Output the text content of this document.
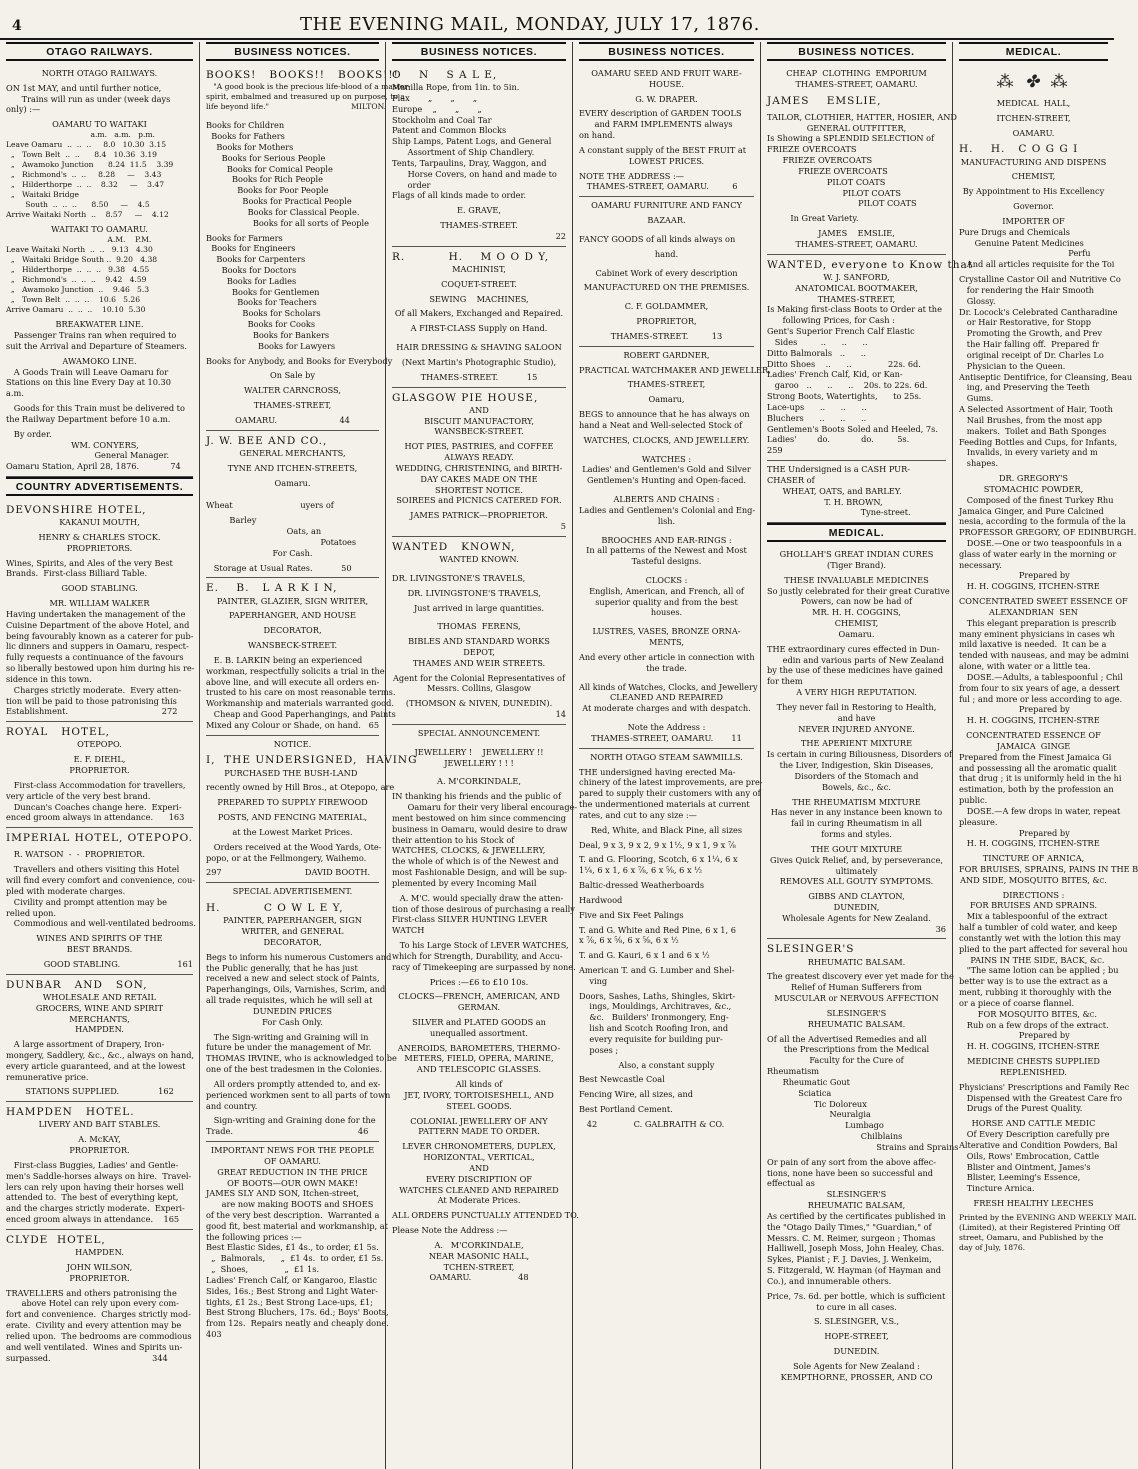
4	THE EVENING MAIL, MONDAY, JULY 17, 1876.
OTAGO RAILWAYS.
NORTH OTAGO RAILWAYS.

ON 1st MAY, and until further notice,
Trains will run as under (week days
only) :—

OAMARU TO WAITAKI
a.m.   a.m.   p.m.
Leave Oamaru  ..  ..  ..     8.0   10.30  3.15
„   Town Belt  ..  ..      8.4   10.36  3.19
„   Awamoko Junction      8.24  11.5    3.39
„   Richmond's  ..  ..     8.28     —    3.43
„   Hilderthorpe  ..  ..    8.32     —    3.47
„   Waitaki Bridge
South  ..  ..  ..      8.50     —    4.5
Arrive Waitaki North  ..    8.57     —    4.12

WAITAKI TO OAMARU.
A.M.    P.M.
Leave Waitaki North  ..  ..   9.13   4.30
„   Waitaki Bridge South ..  9.20   4.38
„   Hilderthorpe  ..  ..  ..   9.38   4.55
„   Richmond's  ..  ..  ..    9.42   4.59
„   Awamoko Junction  ..    9.46   5.3
„   Town Belt  ..  ..  ..    10.6   5.26
Arrive Oamaru  ..  ..  ..    10.10  5.30

BREAKWATER LINE.
Passenger Trains ran when required to
suit the Arrival and Departure of Steamers.

AWAMOKO LINE.
A Goods Train will Leave Oamaru for
Stations on this line Every Day at 10.30
a.m.

Goods for this Train must be delivered to
the Railway Department before 10 a.m.

By order.
WM. CONYERS,
General Manager.
Oamaru Station, April 28, 1876.            74
COUNTRY ADVERTISEMENTS.
DEVONSHIRE HOTEL,
KAKANUI MOUTH,

HENRY & CHARLES STOCK.
PROPRIETORS.

Wines, Spirits, and Ales of the very Best
Brands.  First-class Billiard Table.

GOOD STABLING.

MR. WILLIAM WALKER
Having undertaken the management of the
Cuisine Department of the above Hotel, and
being favourably known as a caterer for pub-
lic dinners and suppers in Oamaru, respect-
fully requests a continuance of the favours
so liberally bestowed upon him during his re-
sidence in this town.
Charges strictly moderate.  Every atten-
tion will be paid to those patronising this
Establishment.                                    272
ROYAL   HOTEL,
OTEPOPO.

E. F. DIEHL,
PROPRIETOR.

First-class Accommodation for travellers,
very article of the very best brand.
Duncan's Coaches change here.  Experi-
enced groom always in attendance.      163
IMPERIAL HOTEL, OTEPOPO.

R. WATSON  -  -  PROPRIETOR.

Travellers and others visiting this Hotel
will find every comfort and convenience, cou-
pled with moderate charges.
Civility and prompt attention may be
relied upon.
Commodious and well-ventilated bedrooms.

WINES AND SPIRITS OF THE
BEST BRANDS.

GOOD STABLING.                      161
DUNBAR   AND   SON,
WHOLESALE AND RETAIL
GROCERS, WINE AND SPIRIT
MERCHANTS,
HAMPDEN.

A large assortment of Drapery, Iron-
mongery, Saddlery, &c., &c., always on hand,
every article guaranteed, and at the lowest
remunerative price.

STATIONS SUPPLIED.               162
HAMPDEN   HOTEL.
LIVERY AND BAIT STABLES.

A. McKAY,
PROPRIETOR.

First-class Buggies, Ladies' and Gentle-
men's Saddle-horses always on hire.  Travel-
lers can rely upon having their horses well
attended to.  The best of everything kept,
and the charges strictly moderate.  Experi-
enced groom always in attendance.    165
CLYDE  HOTEL,
HAMPDEN.

JOHN WILSON,
PROPRIETOR.

TRAVELLERS and others patronising the
above Hotel can rely upon every com-
fort and convenience.  Charges strictly mod-
erate.  Civility and every attention may be
relied upon.  The bedrooms are commodious
and well ventilated.  Wines and Spirits un-
surpassed.                                       344
BUSINESS NOTICES.
BOOKS!   BOOKS!!   BOOKS!!!
"A good book is the precious life-blood of a master-
spirit, embalmed and treasured up on purpose, to a
life beyond life."                                  MILTON.

Books for Children
Books for Fathers
Books for Mothers
Books for Serious People
Books for Comical People
Books for Rich People
Books for Poor People
Books for Practical People
Books for Classical People.
Books for all sorts of People

Books for Farmers
Books for Engineers
Books for Carpenters
Books for Doctors
Books for Ladies
Books for Gentlemen
Books for Teachers
Books for Scholars
Books for Cooks
Books for Bankers
Books for Lawyers

Books for Anybody, and Books for Everybody

On Sale by

WALTER CARNCROSS,

THAMES-STREET,

OAMARU.                        44
J. W. BEE AND CO.,
GENERAL MERCHANTS,

TYNE AND ITCHEN-STREETS,

Oamaru.

Wheat                          uyers of

Barley
Oats, an
Potatoes
For Cash.

Storage at Usual Rates.           50
E.    B.   L A R K I N,
PAINTER, GLAZIER, SIGN WRITER,

PAPERHANGER, AND HOUSE

DECORATOR,

WANSBECK-STREET.

E. B. LARKIN being an experienced
workman, respectfully solicits a trial in the
above line, and will execute all orders en-
trusted to his care on most reasonable terms.
Workmanship and materials warranted good.
Cheap and Good Paperhangings, and Paints
Mixed any Colour or Shade, on hand.   65
NOTICE.

I,  THE UNDERSIGNED,  HAVING
PURCHASED THE BUSH-LAND

recently owned by Hill Bros., at Otepopo, are

PREPARED TO SUPPLY FIREWOOD

POSTS, AND FENCING MATERIAL,

at the Lowest Market Prices.

Orders received at the Wood Yards, Ote-
popo, or at the Fellmongery, Waihemo.

297                                DAVID BOOTH.
SPECIAL ADVERTISEMENT.

H.          C O W L E Y,
PAINTER, PAPERHANGER, SIGN
WRITER, and GENERAL
DECORATOR,

Begs to inform his numerous Customers and
the Public generally, that he has just
received a new and select stock of Paints,
Paperhangings, Oils, Varnishes, Scrim, and
all trade requisites, which he will sell at
DUNEDIN PRICES
For Cash Only.

The Sign-writing and Graining will in
future be under the management of Mr.
THOMAS IRVINE, who is acknowledged to be
one of the best tradesmen in the Colonies.

All orders promptly attended to, and ex-
perienced workmen sent to all parts of town
and country.

Sign-writing and Graining done for the
Trade.                                                46
IMPORTANT NEWS FOR THE PEOPLE
OF OAMARU.
GREAT REDUCTION IN THE PRICE
OF BOOTS—OUR OWN MAKE!
JAMES SLY AND SON, Itchen-street,
are now making BOOTS and SHOES
of the very best description.  Warranted a
good fit, best material and workmanship, at
the following prices :—
Best Elastic Sides, £1 4s., to order, £1 5s.
„  Balmorals,      „  £1 4s.  to order, £1 5s.
„  Shoes,              „  £1 1s.
Ladies' French Calf, or Kangaroo, Elastic
Sides, 16s.; Best Strong and Light Water-
tights, £1 2s.; Best Strong Lace-ups, £1;
Best Strong Bluchers, 17s. 6d.; Boys' Boots,
from 12s.  Repairs neatly and cheaply done.
403
BUSINESS NOTICES.
O    N    S A L E,
Manilla Rope, from 1in. to 5in.
Flax       „       „       „
Europe    „       „       „
Stockholm and Coal Tar
Patent and Common Blocks
Ship Lamps, Patent Logs, and General
Assortment of Ship Chandlery.
Tents, Tarpaulins, Dray, Waggon, and
Horse Covers, on hand and made to
order
Flags of all kinds made to order.

E. GRAVE,

THAMES-STREET.
22
R.          H.    M O O D Y,
MACHINIST,

COQUET-STREET.

SEWING    MACHINES,

Of all Makers, Exchanged and Repaired.

A FIRST-CLASS Supply on Hand.

HAIR DRESSING & SHAVING SALOON

(Next Martin's Photographic Studio),

THAMES-STREET.           15
GLASGOW PIE HOUSE,
AND
BISCUIT MANUFACTORY,
WANSBECK-STREET.

HOT PIES, PASTRIES, and COFFEE
ALWAYS READY.
WEDDING, CHRISTENING, and BIRTH-
DAY CAKES MADE ON THE
SHORTEST NOTICE.
SOIREES and PICNICS CATERED FOR.

JAMES PATRICK—PROPRIETOR.
5
WANTED   KNOWN,
WANTED KNOWN.

DR. LIVINGSTONE'S TRAVELS,

DR. LIVINGSTONE'S TRAVELS,

Just arrived in large quantities.

THOMAS  FERENS,

BIBLES AND STANDARD WORKS
DEPOT,
THAMES AND WEIR STREETS.

Agent for the Colonial Representatives of
Messrs. Collins, Glasgow

(THOMSON & NIVEN, DUNEDIN).
14
SPECIAL ANNOUNCEMENT.

JEWELLERY !    JEWELLERY !!
JEWELLERY ! ! !

A. M'CORKINDALE,

IN thanking his friends and the public of
Oamaru for their very liberal encourage-
ment bestowed on him since commencing
business in Oamaru, would desire to draw
their attention to his Stock of
WATCHES, CLOCKS, & JEWELLERY,
the whole of which is of the Newest and
most Fashionable Design, and will be sup-
plemented by every Incoming Mail

A. M'C. would specially draw the atten-
tion of those desirous of purchasing a really
First-class SILVER HUNTING LEVER
WATCH

To his Large Stock of LEVER WATCHES,
which for Strength, Durability, and Accu-
racy of Timekeeping are surpassed by none.

Prices :—£6 to £10 10s.

CLOCKS—FRENCH, AMERICAN, AND
GERMAN.

SILVER and PLATED GOODS an
unequalled assortment.

ANEROIDS, BAROMETERS, THERMO-
METERS, FIELD, OPERA, MARINE,
AND TELESCOPIC GLASSES.

All kinds of
JET, IVORY, TORTOISESHELL, AND
STEEL GOODS.

COLONIAL JEWELLERY OF ANY
PATTERN MADE TO ORDER.

LEVER CHRONOMETERS, DUPLEX,
HORIZONTAL, VERTICAL,
AND
EVERY DISCRIPTION OF
WATCHES CLEANED AND REPAIRED
At Moderate Prices.

ALL ORDERS PUNCTUALLY ATTENDED TO.

Please Note the Address :—

A.   M'CORKINDALE,
NEAR MASONIC HALL,
TCHEN-STREET,
OAMARU.                  48
BUSINESS NOTICES.
OAMARU SEED AND FRUIT WARE-
HOUSE.

G. W. DRAPER.

EVERY description of GARDEN TOOLS
and FARM IMPLEMENTS always
on hand.

A constant supply of the BEST FRUIT at
LOWEST PRICES.

NOTE THE ADDRESS :—
THAMES-STREET, OAMARU.         6
OAMARU FURNITURE AND FANCY

BAZAAR.

FANCY GOODS of all kinds always on

hand.

Cabinet Work of every description

MANUFACTURED ON THE PREMISES.

C. F. GOLDAMMER,

PROPRIETOR,

THAMES-STREET.         13
ROBERT GARDNER,

PRACTICAL WATCHMAKER AND JEWELLER,

THAMES-STREET,

Oamaru,

BEGS to announce that he has always on
hand a Neat and Well-selected Stock of

WATCHES, CLOCKS, AND JEWELLERY.

WATCHES :
Ladies' and Gentlemen's Gold and Silver
Gentlemen's Hunting and Open-faced.

ALBERTS AND CHAINS :
Ladies and Gentlemen's Colonial and Eng-
lish.

BROOCHES AND EAR-RINGS :
In all patterns of the Newest and Most
Tasteful designs.

CLOCKS :
English, American, and French, all of
superior quality and from the best
houses.

LUSTRES, VASES, BRONZE ORNA-
MENTS,

And every other article in connection with
the trade.

All kinds of Watches, Clocks, and Jewellery
CLEANED AND REPAIRED
At moderate charges and with despatch.

Note the Address :
THAMES-STREET, OAMARU.       11
NORTH OTAGO STEAM SAWMILLS.

THE undersigned having erected Ma-
chinery of the latest improvements, are pre-
pared to supply their customers with any of
the undermentioned materials at current
rates, and cut to any size :—

Red, White, and Black Pine, all sizes

Deal, 9 x 3, 9 x 2, 9 x 1½, 9 x 1, 9 x ⅞

T. and G. Flooring, Scotch, 6 x 1¼, 6 x
1¼, 6 x 1, 6 x ⅞, 6 x ⅝, 6 x ½

Baltic-dressed Weatherboards

Hardwood

Five and Six Feet Palings

T. and G. White and Red Pine, 6 x 1, 6
x ⅞, 6 x ⅝, 6 x ⅝, 6 x ½

T. and G. Kauri, 6 x 1 and 6 x ½

American T. and G. Lumber and Shel-
ving

Doors, Sashes, Laths, Shingles, Skirt-
ings, Mouldings, Architraves, &c.,
&c.   Builders' Ironmongery, Eng-
lish and Scotch Roofing Iron, and
every requisite for building pur-
poses ;

Also, a constant supply

Best Newcastle Coal

Fencing Wire, all sizes, and

Best Portland Cement.

42              C. GALBRAITH & CO.
BUSINESS NOTICES.
CHEAP  CLOTHING  EMPORIUM
THAMES-STREET, OAMARU.

JAMES    EMSLIE,

TAILOR, CLOTHIER, HATTER, HOSIER, AND
GENERAL OUTFITTER,
Is Showing a SPLENDID SELECTION of
FRIEZE OVERCOATS
FRIEZE OVERCOATS
FRIEZE OVERCOATS
PILOT COATS
PILOT COATS
PILOT COATS

In Great Variety.

JAMES    EMSLIE,
THAMES-STREET, OAMARU.
WANTED, everyone to Know that
W. J. SANFORD,
ANATOMICAL BOOTMAKER,
THAMES-STREET,
Is Making first-class Boots to Order at the
following Prices, for Cash :
Gent's Superior French Calf Elastic
Sides         ..      ..      ..
Ditto Balmorals   ..      ..
Ditto Shoes    ..      ..              22s. 6d.
Ladies' French Calf, Kid, or Kan-
garoo   ..      ..      ..    20s. to 22s. 6d.
Strong Boots, Watertights,      to 25s.
Lace-ups      ..      ..      ..
Bluchers      ..      ..      ..
Gentlemen's Boots Soled and Heeled, 7s.
Ladies'        do.            do.         5s.
259
THE Undersigned is a CASH PUR-
CHASER of
WHEAT, OATS, and BARLEY.
T. H. BROWN,
Tyne-street.
MEDICAL.
GHOLLAH'S GREAT INDIAN CURES
(Tiger Brand).

THESE INVALUABLE MEDICINES
So justly celebrated for their great Curative
Powers, can now be had of
MR. H. H. COGGINS,
CHEMIST,
Oamaru.

THE extraordinary cures effected in Dun-
edin and various parts of New Zealand
by the use of these medicines have gained
for them
A VERY HIGH REPUTATION.

They never fail in Restoring to Health,
and have
NEVER INJURED ANYONE.

THE APERIENT MIXTURE
Is certain in curing Biliousness, Disorders of
the Liver, Indigestion, Skin Diseases,
Disorders of the Stomach and
Bowels, &c., &c.

THE RHEUMATISM MIXTURE
Has never in any instance been known to
fail in curing Rheumatism in all
forms and styles.

THE GOUT MIXTURE
Gives Quick Relief, and, by perseverance,
ultimately
REMOVES ALL GOUTY SYMPTOMS.

GIBBS AND CLAYTON,
DUNEDIN,
Wholesale Agents for New Zealand.
36
SLESINGER'S
RHEUMATIC BALSAM.

The greatest discovery ever yet made for the
Relief of Human Sufferers from
MUSCULAR or NERVOUS AFFECTION

SLESINGER'S
RHEUMATIC BALSAM.

Of all the Advertised Remedies and all
the Prescriptions from the Medical
Faculty for the Cure of
Rheumatism
Rheumatic Gout
Sciatica
Tic Doloreux
Neuralgia
Lumbago
Chilblains
Strains and Sprains

Or pain of any sort from the above affec-
tions, none have been so successful and
effectual as
SLESINGER'S
RHEUMATIC BALSAM,
As certified by the certificates published in
the "Otago Daily Times," "Guardian," of
Messrs. C. M. Reimer, surgeon ; Thomas
Halliwell, Joseph Moss, John Healey, Chas.
Sykes, Pianist ; F. J. Davies, J. Wenkeim,
S. Fitzgerald, W. Hayman (of Hayman and
Co.), and innumerable others.

Price, 7s. 6d. per bottle, which is sufficient
to cure in all cases.

S. SLESINGER, V.S.,

HOPE-STREET,

DUNEDIN.

Sole Agents for New Zealand :
KEMPTHORNE, PROSSER, AND CO
MEDICAL.
⁂ ✤ ⁂
MEDICAL  HALL,

ITCHEN-STREET,

OAMARU.

H.    H.   C O G G I
MANUFACTURING AND DISPENS

CHEMIST,

By Appointment to His Excellency

Governor.

IMPORTER OF
Pure Drugs and Chemicals
Genuine Patent Medicines
Perfu
And all articles requisite for the Toi

Crystalline Castor Oil and Nutritive Co
for rendering the Hair Smooth
Glossy.
Dr. Locock's Celebrated Cantharadine
or Hair Restorative, for Stopp
Promoting the Growth, and Prev
the Hair falling off.  Prepared fr
original receipt of Dr. Charles Lo
Physician to the Queen.
Antiseptic Dentifrice, for Cleansing, Beau
ing, and Preserving the Teeth
Gums.
A Selected Assortment of Hair, Tooth
Nail Brushes, from the most app
makers.  Toilet and Bath Sponges
Feeding Bottles and Cups, for Infants,
Invalids, in every variety and m
shapes.

DR. GREGORY'S
STOMACHIC POWDER,
Composed of the finest Turkey Rhu
Jamaica Ginger, and Pure Calcined
nesia, according to the formula of the la
PROFESSOR GREGORY, OF EDINBURGH.
DOSE.—One or two teaspoonfuls in a
glass of water early in the morning or
necessary.
Prepared by
H. H. COGGINS, ITCHEN-STRE

CONCENTRATED SWEET ESSENCE OF
ALEXANDRIAN  SEN
This elegant preparation is prescrib
many eminent physicians in cases wh
mild laxative is needed.  It can be a
tended with nauseas, and may be admini
alone, with water or a little tea.
DOSE.—Adults, a tablespoonful ; Chil
from four to six years of age, a dessert
ful ; and more or less according to age.
Prepared by
H. H. COGGINS, ITCHEN-STRE

CONCENTRATED ESSENCE OF
JAMAICA  GINGE
Prepared from the Finest Jamaica Gi
and possessing all the aromatic qualit
that drug ; it is uniformly held in the hi
estimation, both by the profession an
public.
DOSE.—A few drops in water, repeat
pleasure.
Prepared by
H. H. COGGINS, ITCHEN-STRE

TINCTURE OF ARNICA,
FOR BRUISES, SPRAINS, PAINS IN THE B
AND SIDE, MOSQUITO BITES, &c.

DIRECTIONS :
FOR BRUISES AND SPRAINS.
Mix a tablespoonful of the extract
half a tumbler of cold water, and keep
constantly wet with the lotion this may
plied to the part affected for several hou
PAINS IN THE SIDE, BACK, &c.
"The same lotion can be applied ; bu
better way is to use the extract as a
ment, rubbing it thoroughly with the
or a piece of coarse flannel.
FOR MOSQUITO BITES, &c.
Rub on a few drops of the extract.
Prepared by
H. H. COGGINS, ITCHEN-STRE

MEDICINE CHESTS SUPPLIED
REPLENISHED.

Physicians' Prescriptions and Family Rec
Dispensed with the Greatest Care fro
Drugs of the Purest Quality.

HORSE AND CATTLE MEDIC
Of Every Description carefully pre
Alterative and Condition Powders, Bal
Oils, Rows' Embrocation, Cattle
Blister and Ointment, James's
Blister, Leeming's Essence,
Tincture Arnica.

FRESH HEALTHY LEECHES

Printed by the EVENING AND WEEKLY MAIL
(Limited), at their Registered Printing Off
street, Oamaru, and Published by the
day of July, 1876.
